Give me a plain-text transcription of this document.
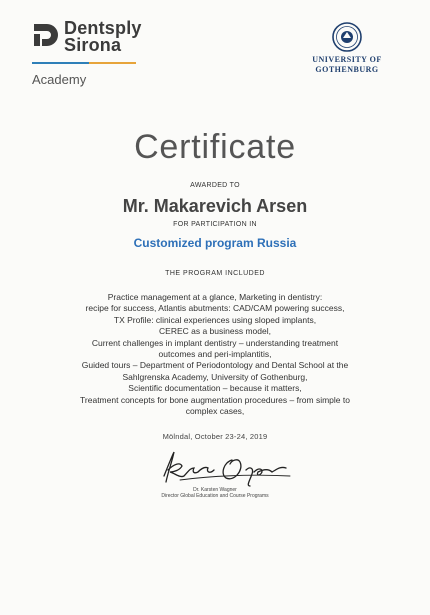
Dentsply
Sirona
Academy
UNIVERSITY OF
GOTHENBURG
Certificate
AWARDED TO
Mr. Makarevich Arsen
FOR PARTICIPATION IN
Customized program Russia
THE PROGRAM INCLUDED
Practice management at a glance, Marketing in dentistry:
recipe for success, Atlantis abutments: CAD/CAM powering success,
TX Profile: clinical experiences using sloped implants,
CEREC as a business model,
Current challenges in implant dentistry – understanding treatment
outcomes and peri-implantitis,
Guided tours – Department of Periodontology and Dental School at the
Sahlgrenska Academy, University of Gothenburg,
Scientific documentation – because it matters,
Treatment concepts for bone augmentation procedures – from simple to
complex cases,
Mölndal, October 23-24, 2019
Dr. Karsten Wagner
Director Global Education and Course Programs
